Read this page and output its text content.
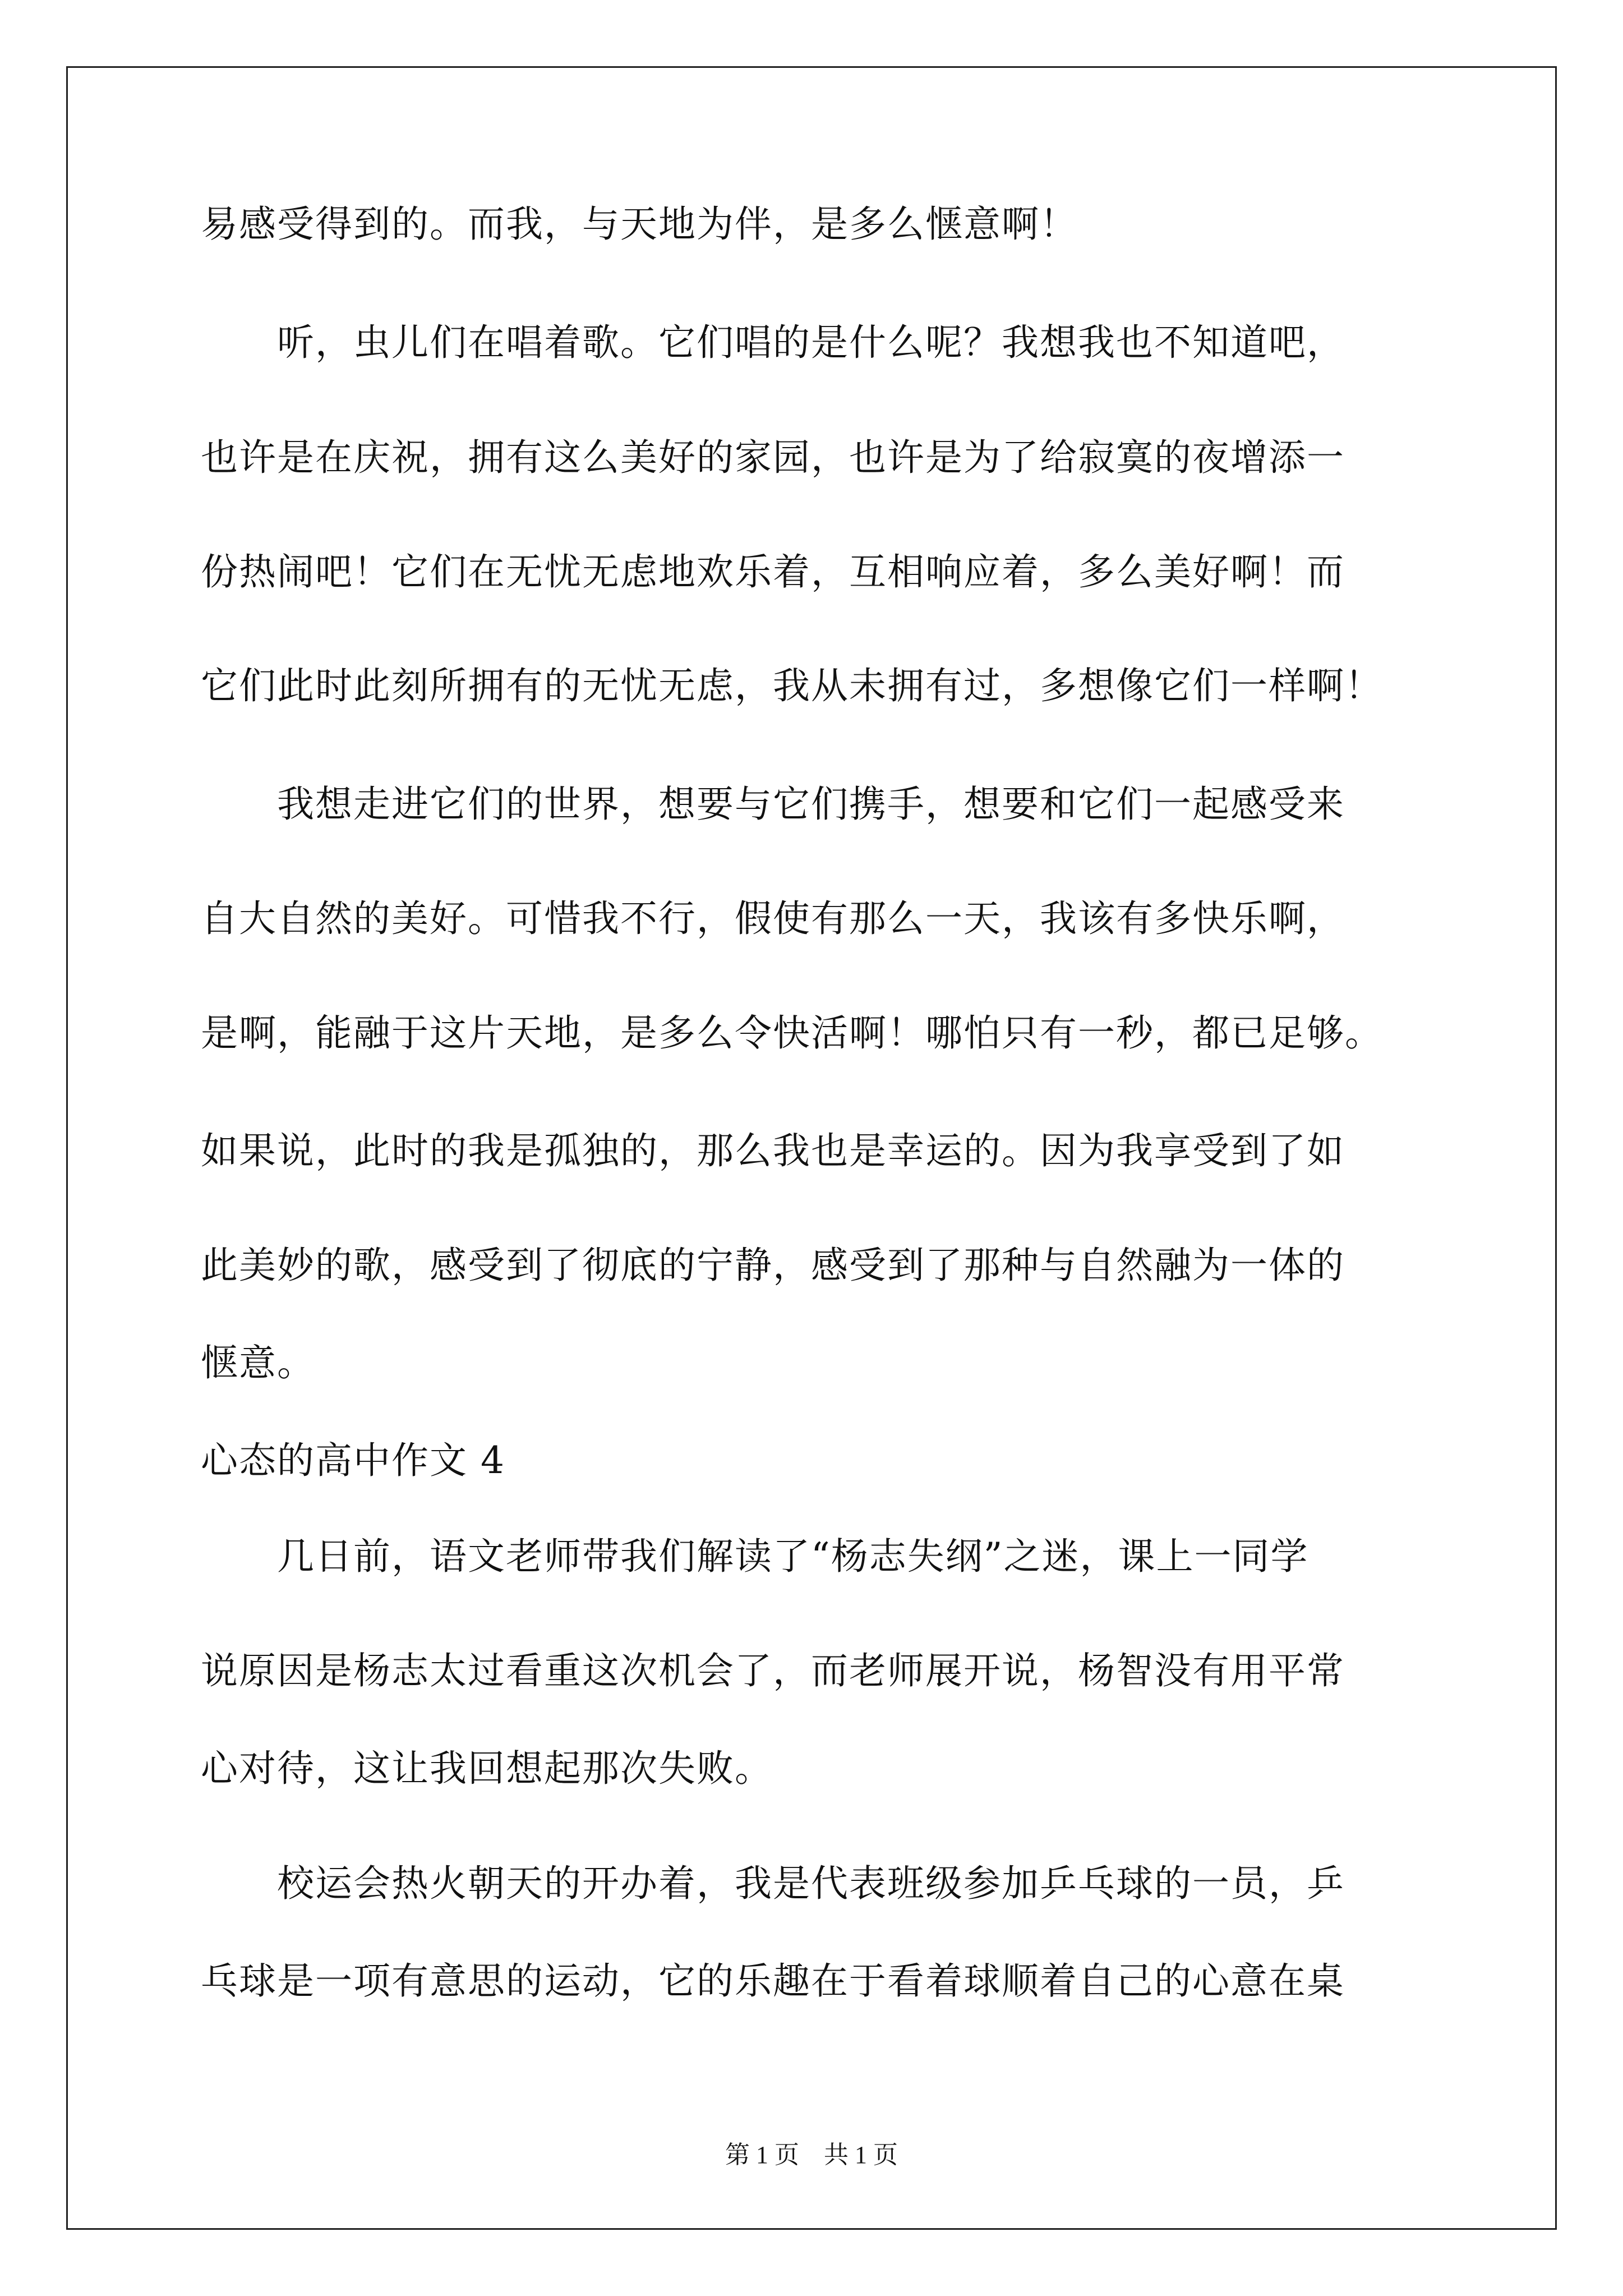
易感受得到的。而我，与天地为伴，是多么惬意啊！
　　听，虫儿们在唱着歌。它们唱的是什么呢？我想我也不知道吧，
也许是在庆祝，拥有这么美好的家园，也许是为了给寂寞的夜增添一
份热闹吧！它们在无忧无虑地欢乐着，互相响应着，多么美好啊！而
它们此时此刻所拥有的无忧无虑，我从未拥有过，多想像它们一样啊！
　　我想走进它们的世界，想要与它们携手，想要和它们一起感受来
自大自然的美好。可惜我不行，假使有那么一天，我该有多快乐啊，
是啊，能融于这片天地，是多么令快活啊！哪怕只有一秒，都已足够。
如果说，此时的我是孤独的，那么我也是幸运的。因为我享受到了如
此美妙的歌，感受到了彻底的宁静，感受到了那种与自然融为一体的
惬意。
心态的高中作文 4
　　几日前，语文老师带我们解读了“杨志失纲”之迷，课上一同学
说原因是杨志太过看重这次机会了，而老师展开说，杨智没有用平常
心对待，这让我回想起那次失败。
　　校运会热火朝天的开办着，我是代表班级参加乒乓球的一员，乒
乓球是一项有意思的运动，它的乐趣在于看着球顺着自己的心意在桌
第 1 页　共 1 页
